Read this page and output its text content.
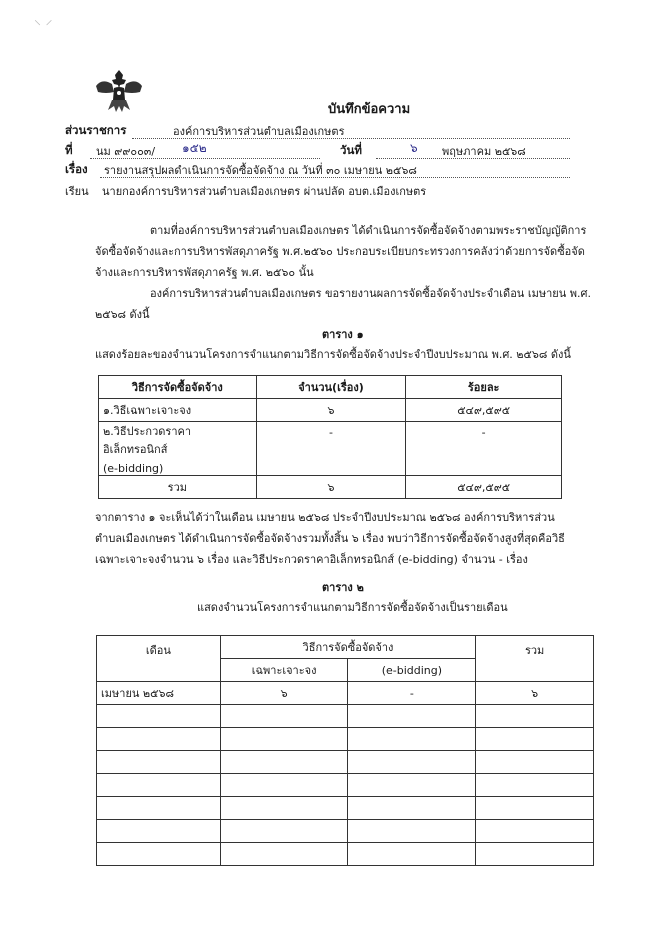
⸌ ⸍
บันทึกข้อความ
ส่วนราชการ	องค์การบริหารส่วนตำบลเมืองเกษตร
ที่ นม ๙๙๐๐๓/ ๑๕๒	วันที่	๖ พฤษภาคม ๒๕๖๘
เรื่อง รายงานสรุปผลดำเนินการจัดซื้อจัดจ้าง ณ วันที่ ๓๐ เมษายน ๒๕๖๘
เรียน นายกองค์การบริหารส่วนตำบลเมืองเกษตร ผ่านปลัด อบต.เมืองเกษตร
ตามที่องค์การบริหารส่วนตำบลเมืองเกษตร ได้ดำเนินการจัดซื้อจัดจ้างตามพระราชบัญญัติการ
จัดซื้อจัดจ้างและการบริหารพัสดุภาครัฐ พ.ศ.๒๕๖๐ ประกอบระเบียบกระทรวงการคลังว่าด้วยการจัดซื้อจัด
จ้างและการบริหารพัสดุภาครัฐ พ.ศ. ๒๕๖๐ นั้น
องค์การบริหารส่วนตำบลเมืองเกษตร ขอรายงานผลการจัดซื้อจัดจ้างประจำเดือน เมษายน พ.ศ.
๒๕๖๘ ดังนี้
ตาราง ๑
แสดงร้อยละของจำนวนโครงการจำแนกตามวิธีการจัดซื้อจัดจ้างประจำปีงบประมาณ พ.ศ. ๒๕๖๘ ดังนี้
วิธีการจัดซื้อจัดจ้าง	จำนวน(เรื่อง)	ร้อยละ
๑.วิธีเฉพาะเจาะจง	๖	๕๔๙,๕๙๕

๒.วิธีประกวดราคาอิเล็กทรอนิกส์
(e-bidding)	-	-
รวม	๖	๕๔๙,๕๙๕
จากตาราง ๑ จะเห็นได้ว่าในเดือน เมษายน ๒๕๖๘ ประจำปีงบประมาณ ๒๕๖๘ องค์การบริหารส่วน
ตำบลเมืองเกษตร ได้ดำเนินการจัดซื้อจัดจ้างรวมทั้งสิ้น ๖ เรื่อง พบว่าวิธีการจัดซื้อจัดจ้างสูงที่สุดคือวิธี
เฉพาะเจาะจงจำนวน ๖ เรื่อง และวิธีประกวดราคาอิเล็กทรอนิกส์ (e-bidding) จำนวน - เรื่อง
ตาราง ๒
แสดงจำนวนโครงการจำแนกตามวิธีการจัดซื้อจัดจ้างเป็นรายเดือน
เดือน	วิธีการจัดซื้อจัดจ้าง		รวม
	เฉพาะเจาะจง	(e-bidding)	
เมษายน ๒๕๖๘	๖	-	๖
